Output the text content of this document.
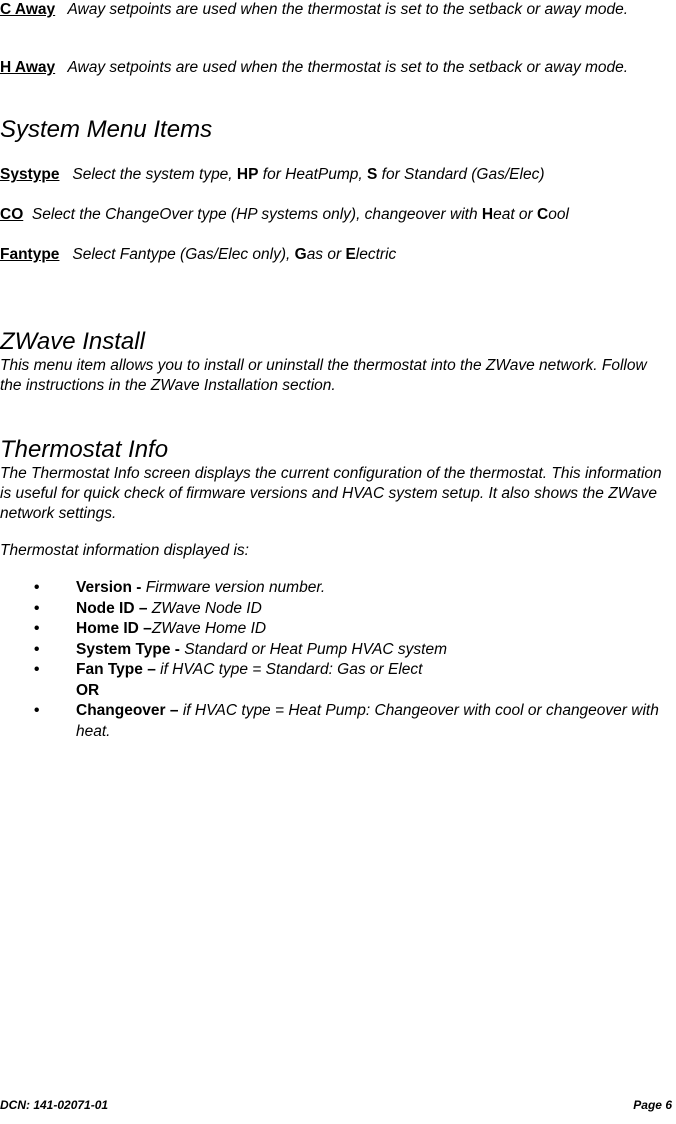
C Away Away setpoints are used when the thermostat is set to the setback or away mode.
H Away Away setpoints are used when the thermostat is set to the setback or away mode.
System Menu Items
Systype Select the system type, HP for HeatPump, S for Standard (Gas/Elec)
CO Select the ChangeOver type (HP systems only), changeover with Heat or Cool
Fantype Select Fantype (Gas/Elec only), Gas or Electric
ZWave Install
This menu item allows you to install or uninstall the thermostat into the ZWave network. Follow the instructions in the ZWave Installation section.
Thermostat Info
The Thermostat Info screen displays the current configuration of the thermostat. This information is useful for quick check of firmware versions and HVAC system setup. It also shows the ZWave network settings.
Thermostat information displayed is:
• Version - Firmware version number.
• Node ID – ZWave Node ID
• Home ID –ZWave Home ID
• System Type - Standard or Heat Pump HVAC system
• Fan Type – if HVAC type = Standard: Gas or Elect
OR
• Changeover – if HVAC type = Heat Pump: Changeover with cool or changeover with heat.
DCN: 141-02071-01	Page 6
